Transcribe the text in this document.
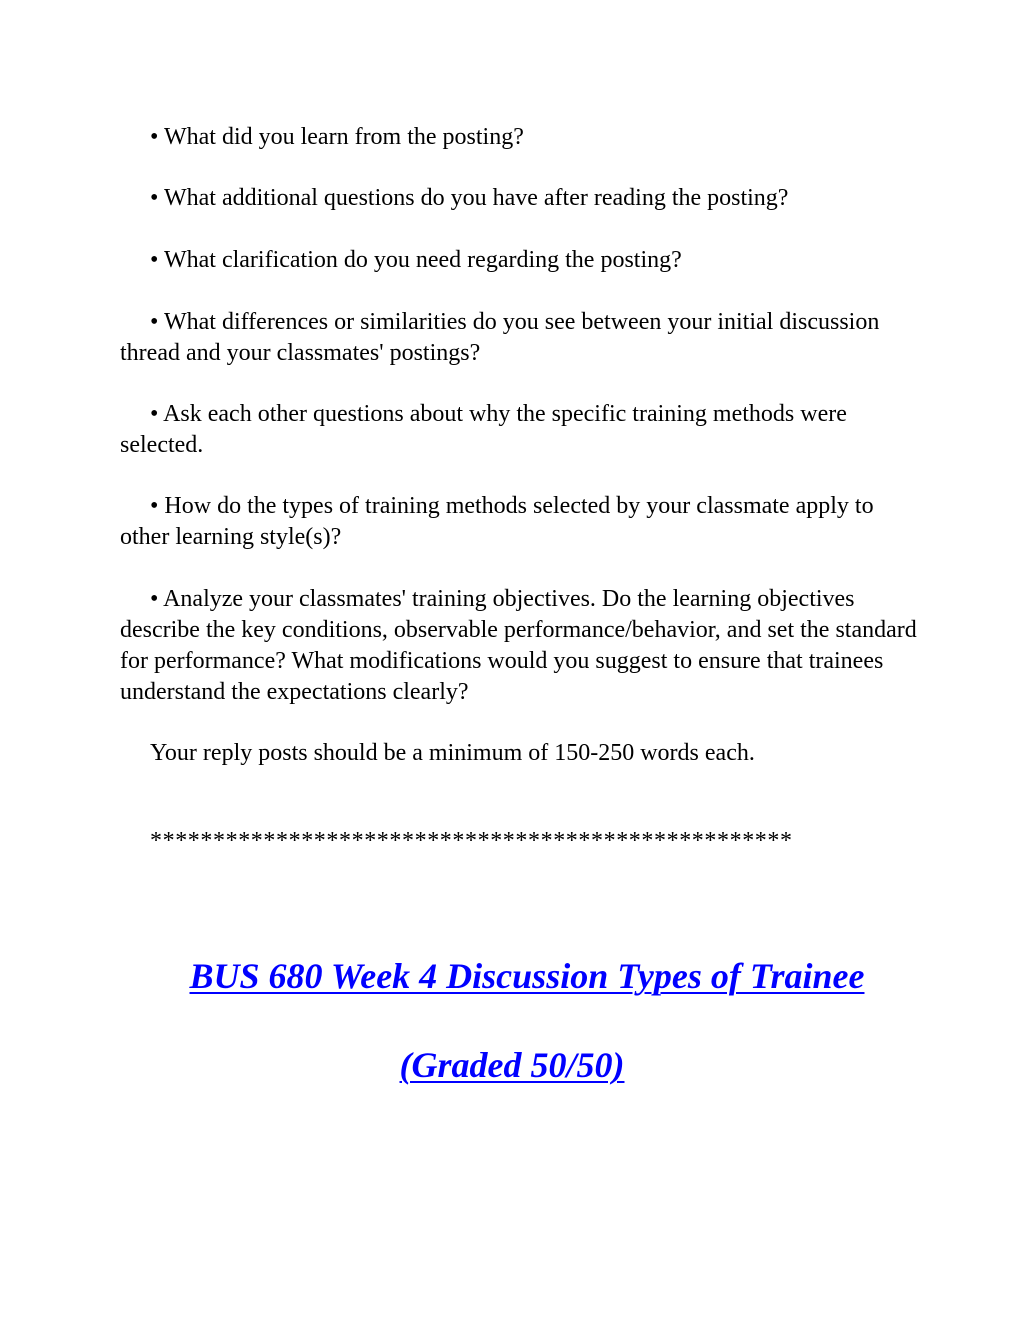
• What did you learn from the posting?

• What additional questions do you have after reading the posting?

• What clarification do you need regarding the posting?

• What differences or similarities do you see between your initial discussion thread and your classmates' postings?

• Ask each other questions about why the specific training methods were selected.

• How do the types of training methods selected by your classmate apply to other learning style(s)?

• Analyze your classmates' training objectives. Do the learning objectives describe the key conditions, observable performance/behavior, and set the standard for performance? What modifications would you suggest to ensure that trainees understand the expectations clearly?

Your reply posts should be a minimum of 150-250 words each.

***************************************************

BUS 680 Week 4 Discussion Types of Trainee
(Graded 50/50)
